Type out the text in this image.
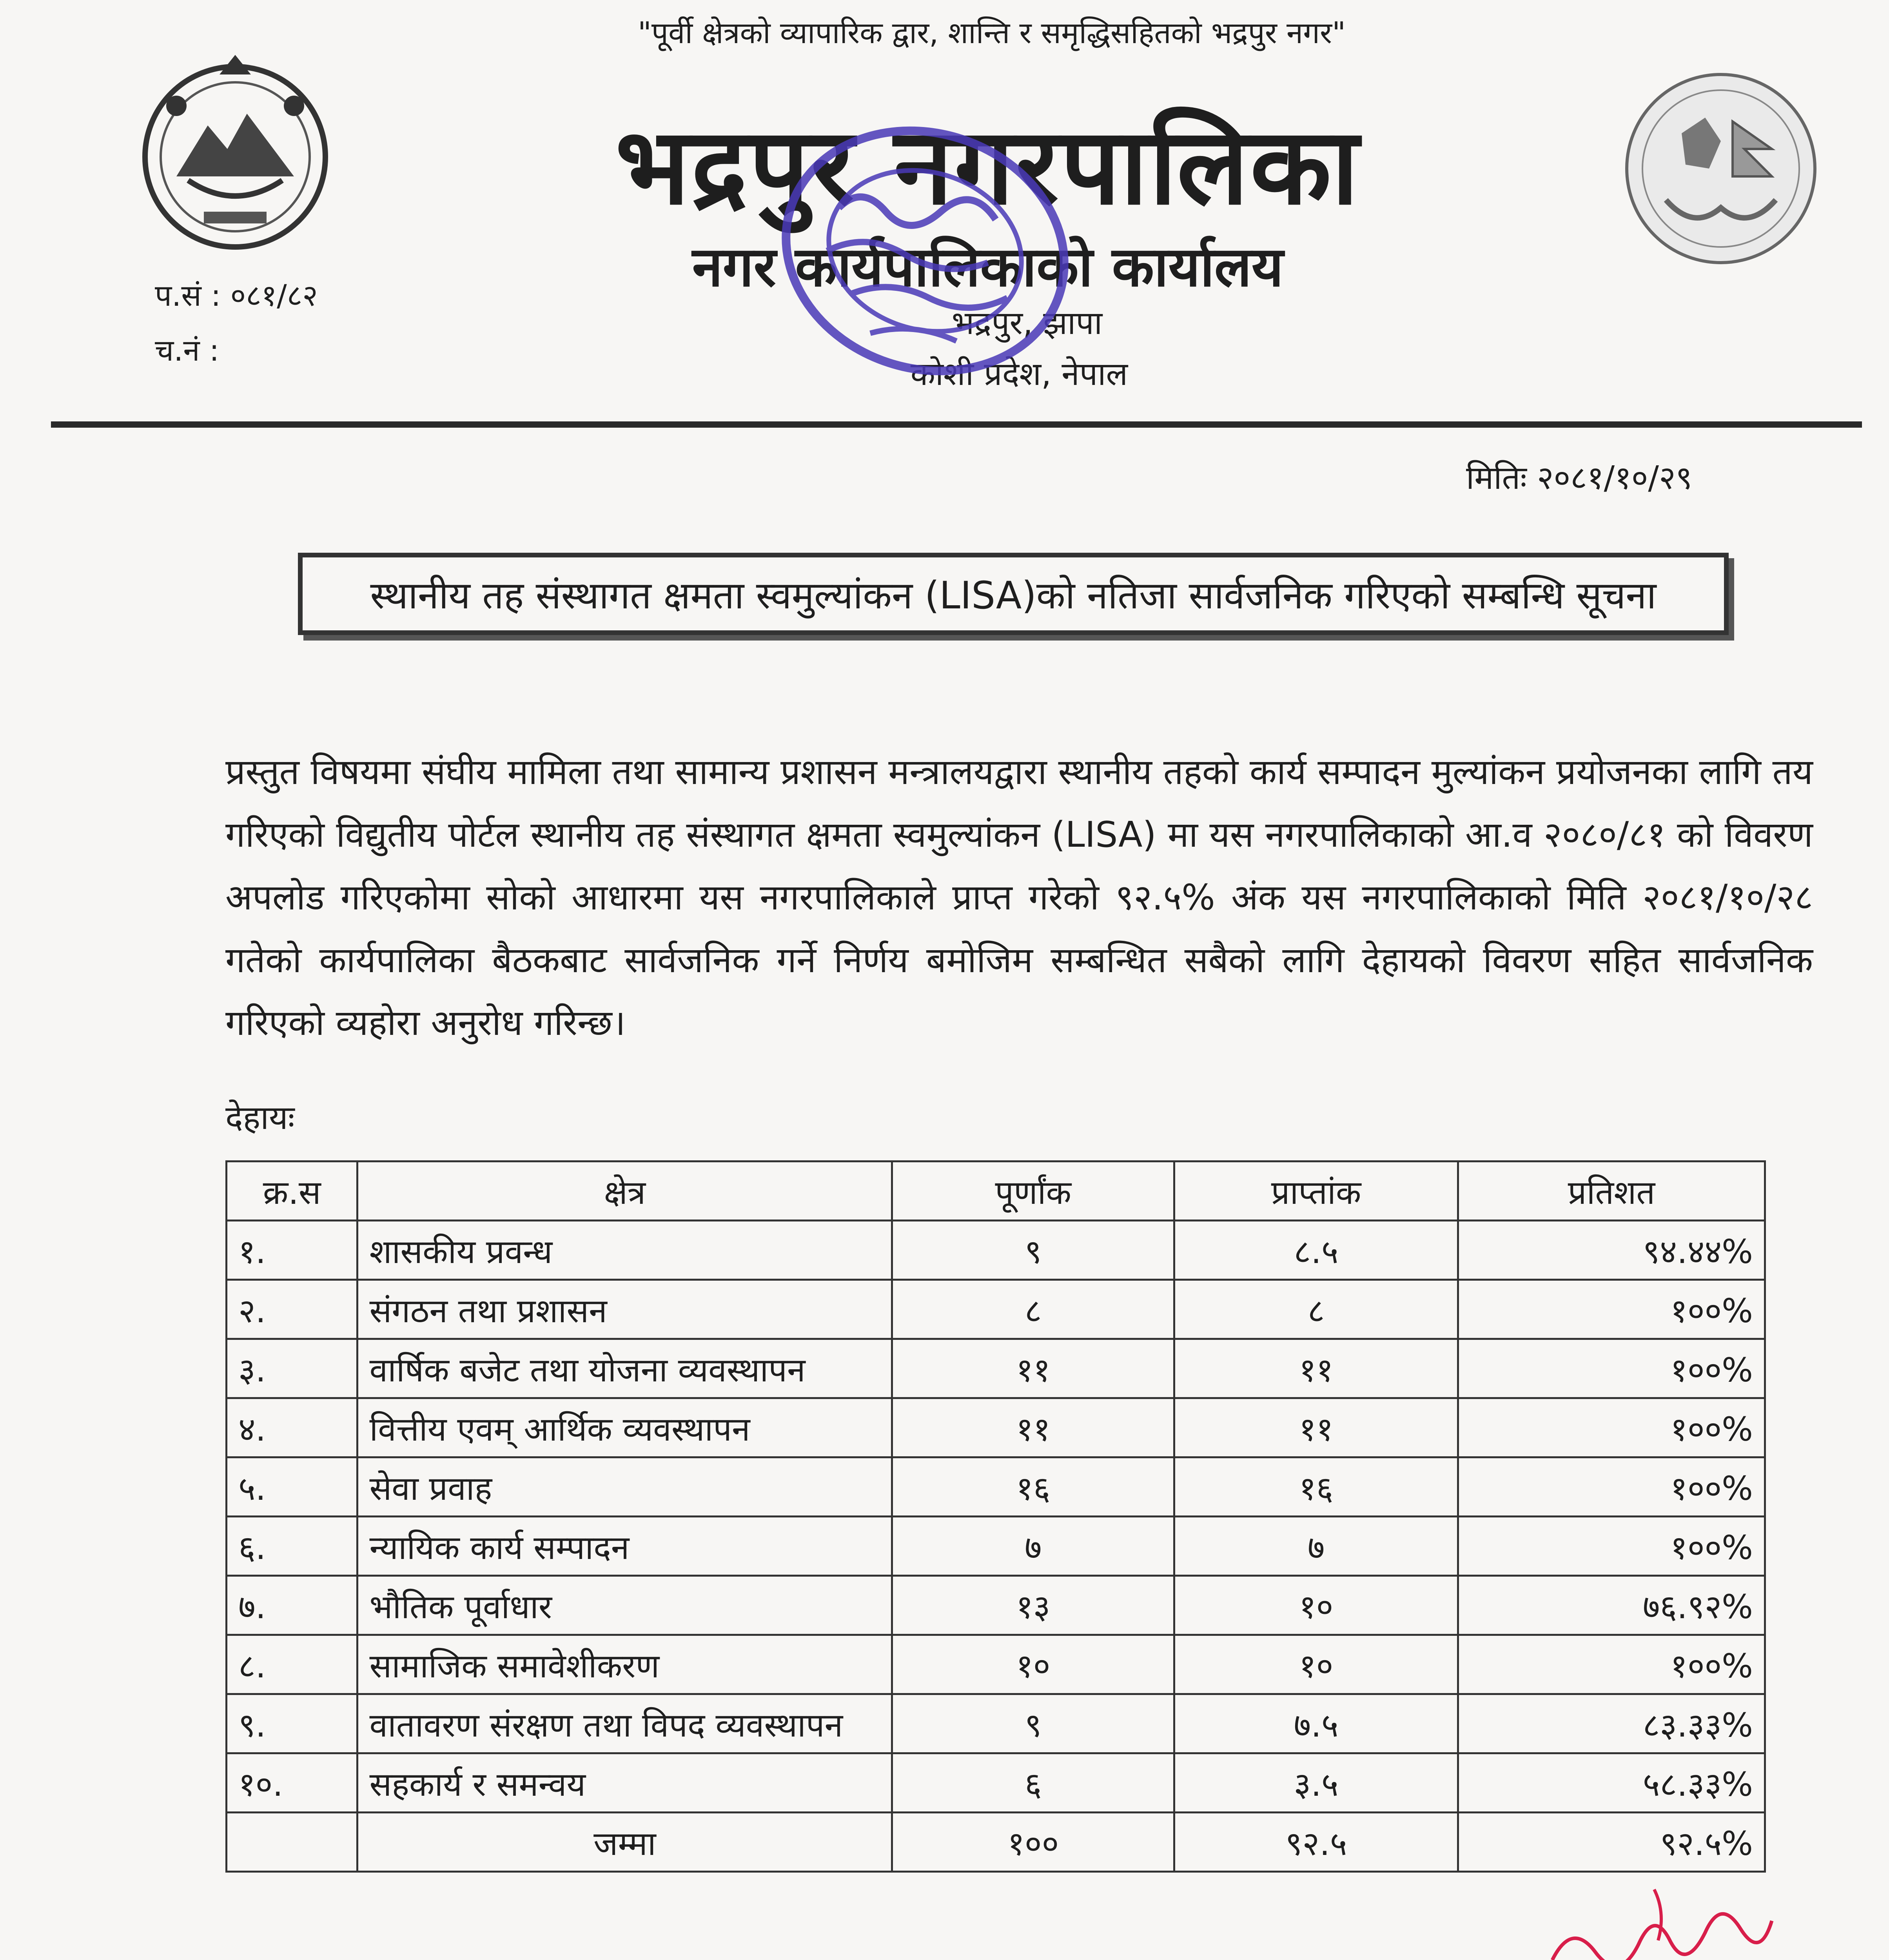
"पूर्वी क्षेत्रको व्यापारिक द्वार, शान्ति र समृद्धिसहितको भद्रपुर नगर"
भद्रपुर नगरपालिका
नगर कार्यपालिकाको कार्यालय
भद्रपुर, झापा
कोशी प्रदेश, नेपाल
प.सं : ०८१/८२
च.नं :
मितिः २०८१/१०/२९
स्थानीय तह संस्थागत क्षमता स्वमुल्यांकन (LISA)को नतिजा सार्वजनिक गरिएको सम्बन्धि सूचना
प्रस्तुत विषयमा संघीय मामिला तथा सामान्य प्रशासन मन्त्रालयद्वारा स्थानीय तहको कार्य सम्पादन मुल्यांकन प्रयोजनका लागि तय गरिएको विद्युतीय पोर्टल स्थानीय तह संस्थागत क्षमता स्वमुल्यांकन (LISA) मा यस नगरपालिकाको आ.व २०८०/८१ को विवरण अपलोड गरिएकोमा सोको आधारमा यस नगरपालिकाले प्राप्त गरेको ९२.५% अंक यस नगरपालिकाको मिति २०८१/१०/२८ गतेको कार्यपालिका बैठकबाट सार्वजनिक गर्ने निर्णय बमोजिम सम्बन्धित सबैको लागि देहायको विवरण सहित सार्वजनिक गरिएको व्यहोरा अनुरोध गरिन्छ।
देहायः
क्र.स	क्षेत्र	पूर्णांक	प्राप्तांक	प्रतिशत
१.	शासकीय प्रवन्ध	९	८.५	९४.४४%
२.	संगठन तथा प्रशासन	८	८	१००%
३.	वार्षिक बजेट तथा योजना व्यवस्थापन	११	११	१००%
४.	वित्तीय एवम् आर्थिक व्यवस्थापन	११	११	१००%
५.	सेवा प्रवाह	१६	१६	१००%
६.	न्यायिक कार्य सम्पादन	७	७	१००%
७.	भौतिक पूर्वाधार	१३	१०	७६.९२%
८.	सामाजिक समावेशीकरण	१०	१०	१००%
९.	वातावरण संरक्षण तथा विपद व्यवस्थापन	९	७.५	८३.३३%
१०.	सहकार्य र समन्वय	६	३.५	५८.३३%
	जम्मा	१००	९२.५	९२.५%
